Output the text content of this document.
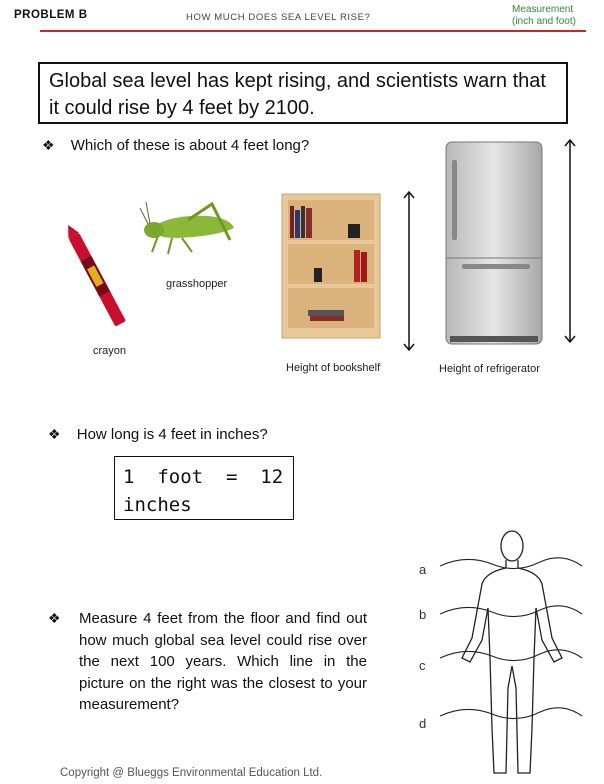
PROBLEM B	HOW MUCH DOES SEA LEVEL RISE?
Measurement
(inch and foot)
Global sea level has kept rising, and scientists warn that it could rise by 4 feet by 2100.
❖ Which of these is about 4 feet long?
crayon
grasshopper
Height of bookshelf	Height of refrigerator
❖ How long is 4 feet in inches?
1  foot  =  12
inches
❖ Measure 4 feet from the floor and find out how much global sea level could rise over the next 100 years. Which line in the picture on the right was the closest to your measurement?
a
b
c
d
Copyright @ Blueggs Environmental Education Ltd.
